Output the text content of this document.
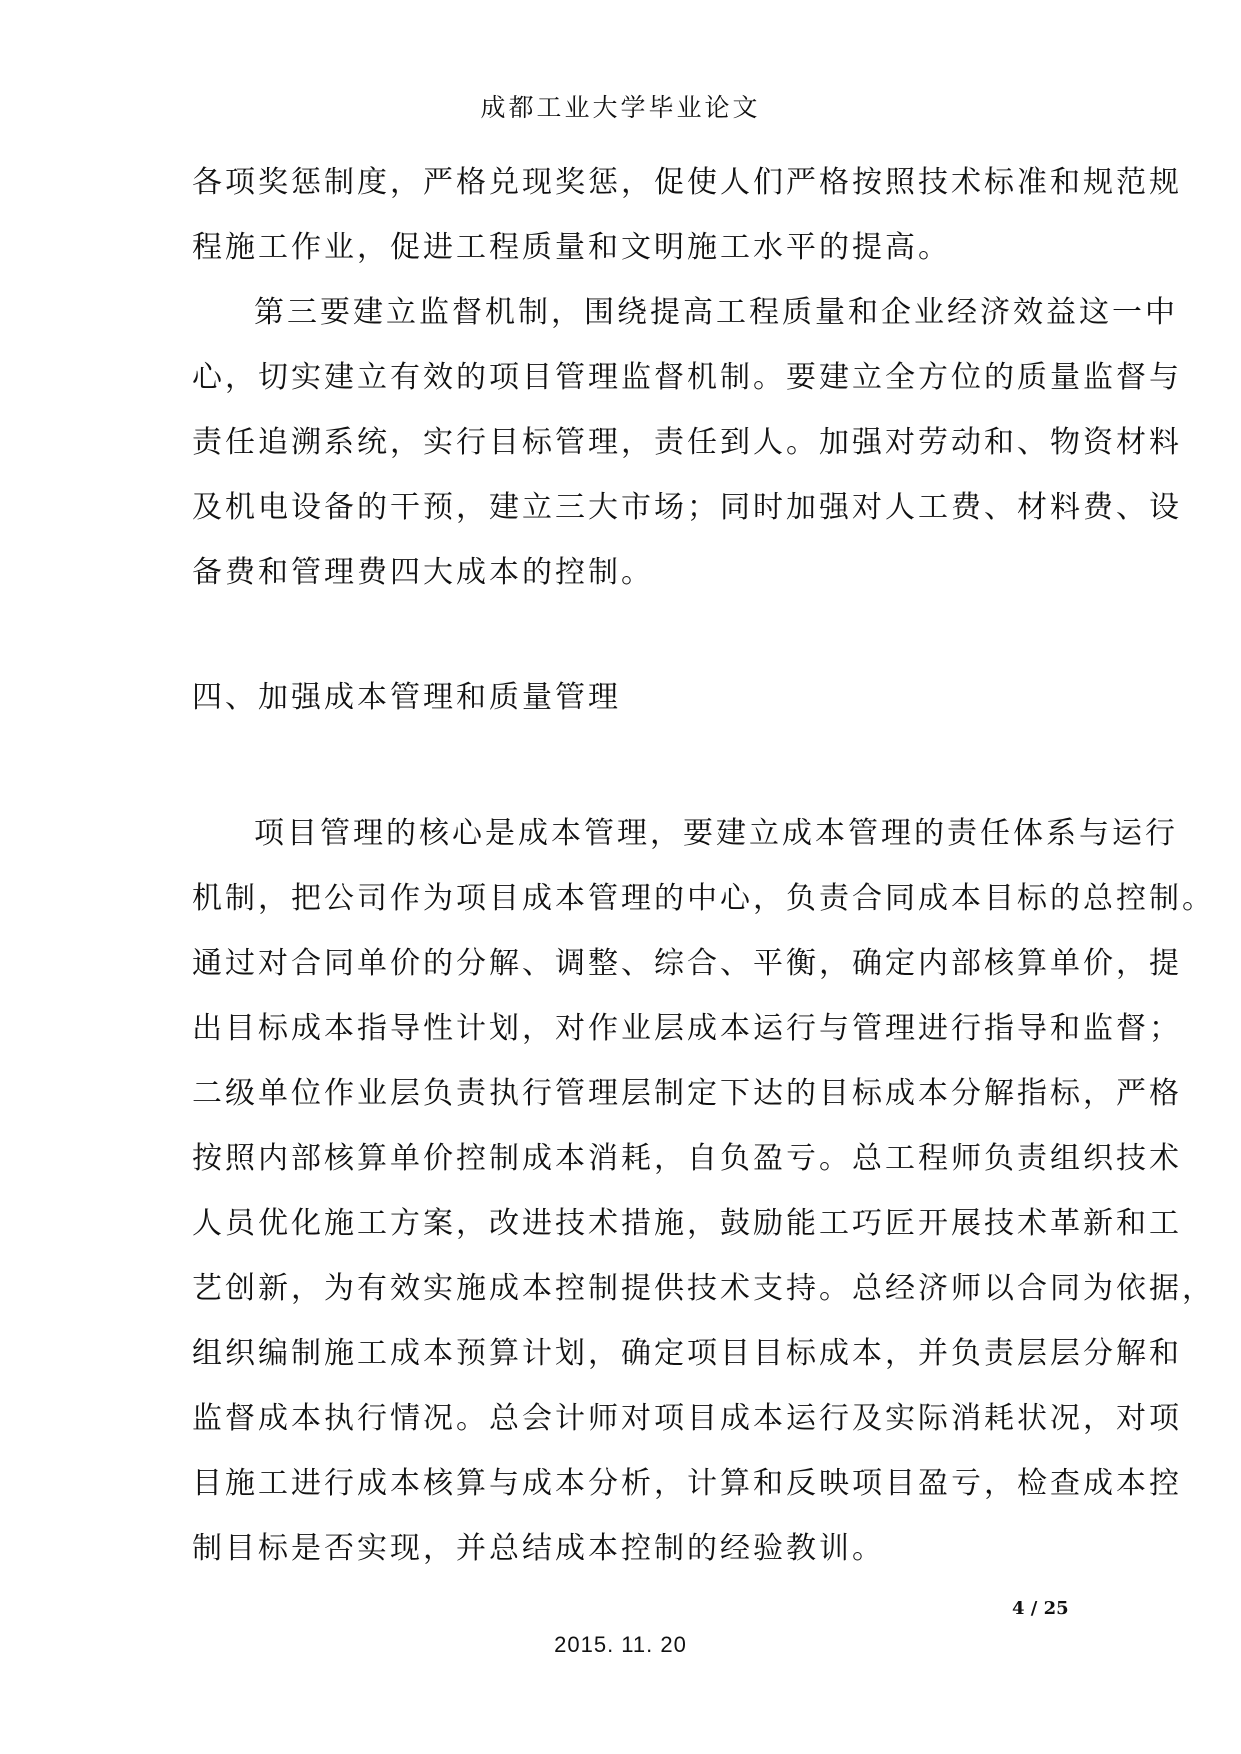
成都工业大学毕业论文
各项奖惩制度，严格兑现奖惩，促使人们严格按照技术标准和规范规
程施工作业，促进工程质量和文明施工水平的提高。
第三要建立监督机制，围绕提高工程质量和企业经济效益这一中
心，切实建立有效的项目管理监督机制。要建立全方位的质量监督与
责任追溯系统，实行目标管理，责任到人。加强对劳动和、物资材料
及机电设备的干预，建立三大市场；同时加强对人工费、材料费、设
备费和管理费四大成本的控制。
四、加强成本管理和质量管理
项目管理的核心是成本管理，要建立成本管理的责任体系与运行
机制，把公司作为项目成本管理的中心，负责合同成本目标的总控制。
通过对合同单价的分解、调整、综合、平衡，确定内部核算单价，提
出目标成本指导性计划，对作业层成本运行与管理进行指导和监督；
二级单位作业层负责执行管理层制定下达的目标成本分解指标，严格
按照内部核算单价控制成本消耗，自负盈亏。总工程师负责组织技术
人员优化施工方案，改进技术措施，鼓励能工巧匠开展技术革新和工
艺创新，为有效实施成本控制提供技术支持。总经济师以合同为依据，
组织编制施工成本预算计划，确定项目目标成本，并负责层层分解和
监督成本执行情况。总会计师对项目成本运行及实际消耗状况，对项
目施工进行成本核算与成本分析，计算和反映项目盈亏，检查成本控
制目标是否实现，并总结成本控制的经验教训。
4 / 25
2015. 11. 20
